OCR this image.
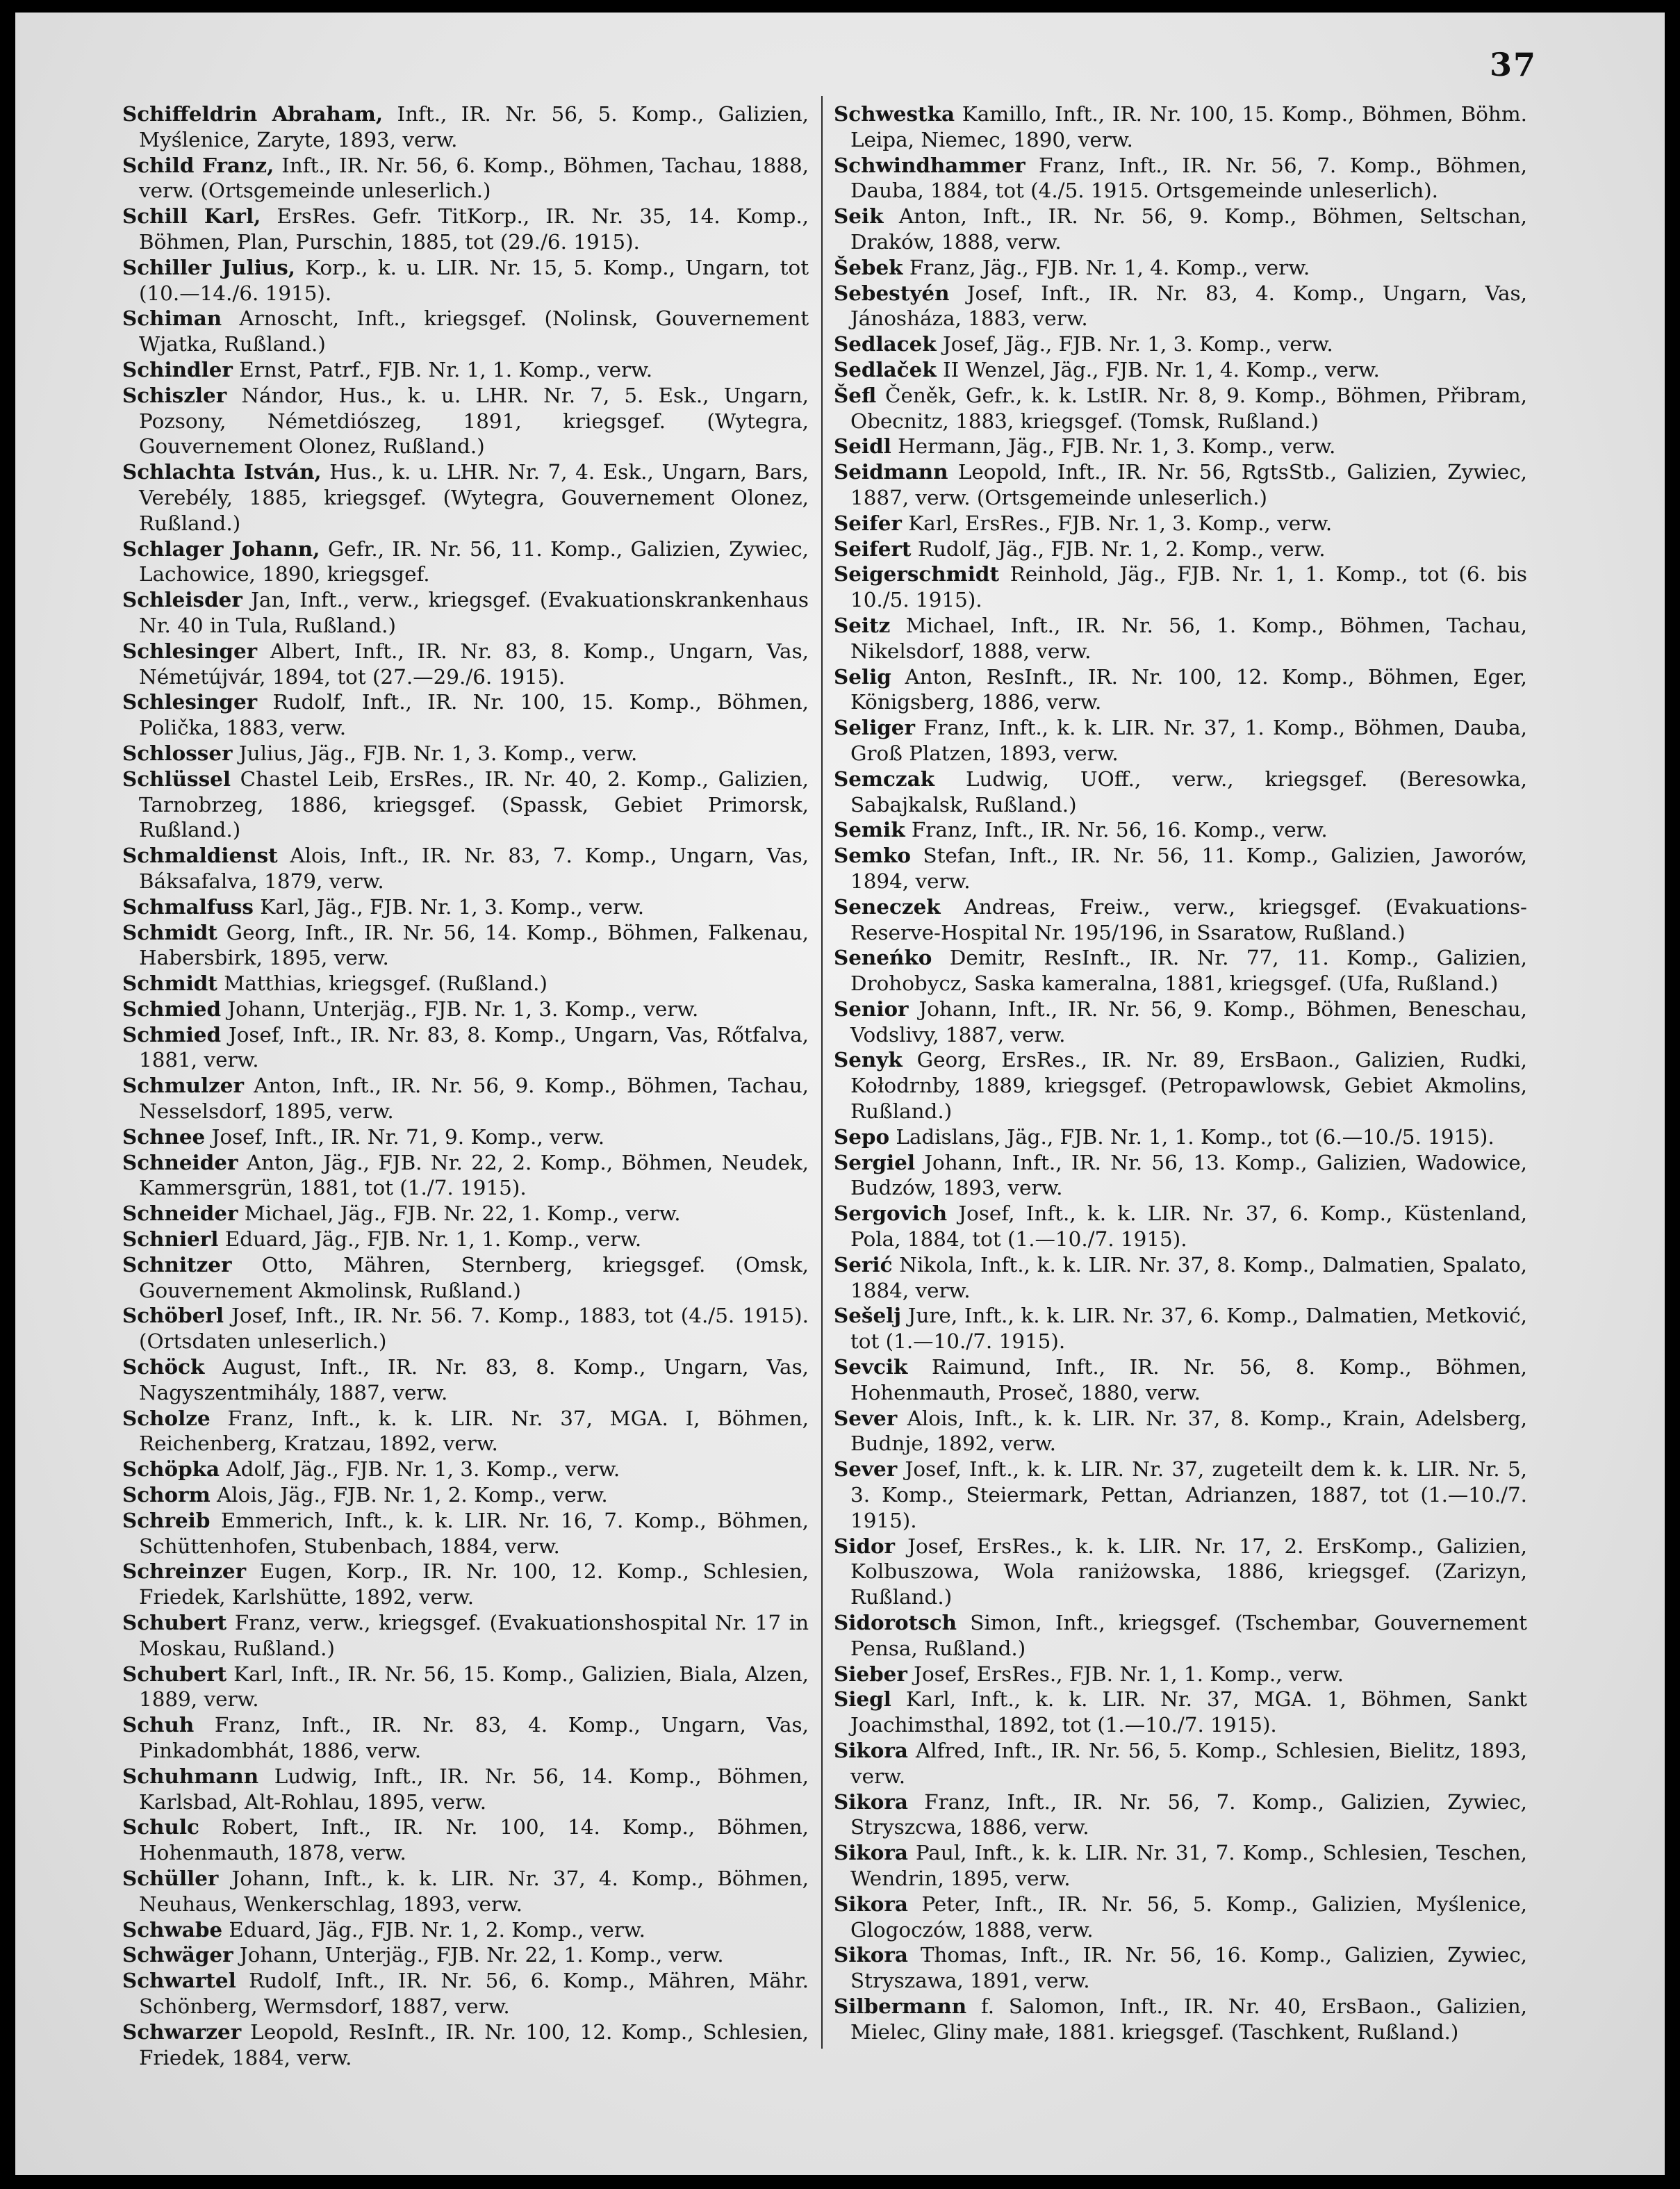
37

Schiffeldrin Abraham, Inft., IR. Nr. 56, 5. Komp., Galizien, Myślenice, Zaryte, 1893, verw.

Schild Franz, Inft., IR. Nr. 56, 6. Komp., Böhmen, Tachau, 1888, verw. (Ortsgemeinde unleserlich.)

Schill Karl, ErsRes. Gefr. TitKorp., IR. Nr. 35, 14. Komp., Böhmen, Plan, Purschin, 1885, tot (29./6. 1915).

Schiller Julius, Korp., k. u. LIR. Nr. 15, 5. Komp., Ungarn, tot (10.—14./6. 1915).

Schiman Arnoscht, Inft., kriegsgef. (Nolinsk, Gouvernement Wjatka, Rußland.)

Schindler Ernst, Patrf., FJB. Nr. 1, 1. Komp., verw.

Schiszler Nándor, Hus., k. u. LHR. Nr. 7, 5. Esk., Ungarn, Pozsony, Németdiószeg, 1891, kriegsgef. (Wytegra, Gouvernement Olonez, Rußland.)

Schlachta István, Hus., k. u. LHR. Nr. 7, 4. Esk., Ungarn, Bars, Verebély, 1885, kriegsgef. (Wytegra, Gouvernement Olonez, Rußland.)

Schlager Johann, Gefr., IR. Nr. 56, 11. Komp., Galizien, Zywiec, Lachowice, 1890, kriegsgef.

Schleisder Jan, Inft., verw., kriegsgef. (Evakuationskrankenhaus Nr. 40 in Tula, Rußland.)

Schlesinger Albert, Inft., IR. Nr. 83, 8. Komp., Ungarn, Vas, Németújvár, 1894, tot (27.—29./6. 1915).

Schlesinger Rudolf, Inft., IR. Nr. 100, 15. Komp., Böhmen, Polička, 1883, verw.

Schlosser Julius, Jäg., FJB. Nr. 1, 3. Komp., verw.

Schlüssel Chastel Leib, ErsRes., IR. Nr. 40, 2. Komp., Galizien, Tarnobrzeg, 1886, kriegsgef. (Spassk, Gebiet Primorsk, Rußland.)

Schmaldienst Alois, Inft., IR. Nr. 83, 7. Komp., Ungarn, Vas, Báksafalva, 1879, verw.

Schmalfuss Karl, Jäg., FJB. Nr. 1, 3. Komp., verw.

Schmidt Georg, Inft., IR. Nr. 56, 14. Komp., Böhmen, Falkenau, Habersbirk, 1895, verw.

Schmidt Matthias, kriegsgef. (Rußland.)

Schmied Johann, Unterjäg., FJB. Nr. 1, 3. Komp., verw.

Schmied Josef, Inft., IR. Nr. 83, 8. Komp., Ungarn, Vas, Rőtfalva, 1881, verw.

Schmulzer Anton, Inft., IR. Nr. 56, 9. Komp., Böhmen, Tachau, Nesselsdorf, 1895, verw.

Schnee Josef, Inft., IR. Nr. 71, 9. Komp., verw.

Schneider Anton, Jäg., FJB. Nr. 22, 2. Komp., Böhmen, Neudek, Kammersgrün, 1881, tot (1./7. 1915).

Schneider Michael, Jäg., FJB. Nr. 22, 1. Komp., verw.

Schnierl Eduard, Jäg., FJB. Nr. 1, 1. Komp., verw.

Schnitzer Otto, Mähren, Sternberg, kriegsgef. (Omsk, Gouvernement Akmolinsk, Rußland.)

Schöberl Josef, Inft., IR. Nr. 56. 7. Komp., 1883, tot (4./5. 1915). (Ortsdaten unleserlich.)

Schöck August, Inft., IR. Nr. 83, 8. Komp., Ungarn, Vas, Nagyszentmihály, 1887, verw.

Scholze Franz, Inft., k. k. LIR. Nr. 37, MGA. I, Böhmen, Reichenberg, Kratzau, 1892, verw.

Schöpka Adolf, Jäg., FJB. Nr. 1, 3. Komp., verw.

Schorm Alois, Jäg., FJB. Nr. 1, 2. Komp., verw.

Schreib Emmerich, Inft., k. k. LIR. Nr. 16, 7. Komp., Böhmen, Schüttenhofen, Stubenbach, 1884, verw.

Schreinzer Eugen, Korp., IR. Nr. 100, 12. Komp., Schlesien, Friedek, Karlshütte, 1892, verw.

Schubert Franz, verw., kriegsgef. (Evakuationshospital Nr. 17 in Moskau, Rußland.)

Schubert Karl, Inft., IR. Nr. 56, 15. Komp., Galizien, Biala, Alzen, 1889, verw.

Schuh Franz, Inft., IR. Nr. 83, 4. Komp., Ungarn, Vas, Pinkadombhát, 1886, verw.

Schuhmann Ludwig, Inft., IR. Nr. 56, 14. Komp., Böhmen, Karlsbad, Alt-Rohlau, 1895, verw.

Schulc Robert, Inft., IR. Nr. 100, 14. Komp., Böhmen, Hohenmauth, 1878, verw.

Schüller Johann, Inft., k. k. LIR. Nr. 37, 4. Komp., Böhmen, Neuhaus, Wenkerschlag, 1893, verw.

Schwabe Eduard, Jäg., FJB. Nr. 1, 2. Komp., verw.

Schwäger Johann, Unterjäg., FJB. Nr. 22, 1. Komp., verw.

Schwartel Rudolf, Inft., IR. Nr. 56, 6. Komp., Mähren, Mähr. Schönberg, Wermsdorf, 1887, verw.

Schwarzer Leopold, ResInft., IR. Nr. 100, 12. Komp., Schlesien, Friedek, 1884, verw.

Schwestka Kamillo, Inft., IR. Nr. 100, 15. Komp., Böhmen, Böhm. Leipa, Niemec, 1890, verw.

Schwindhammer Franz, Inft., IR. Nr. 56, 7. Komp., Böhmen, Dauba, 1884, tot (4./5. 1915. Ortsgemeinde unleserlich).

Seik Anton, Inft., IR. Nr. 56, 9. Komp., Böhmen, Seltschan, Draków, 1888, verw.

Šebek Franz, Jäg., FJB. Nr. 1, 4. Komp., verw.

Sebestyén Josef, Inft., IR. Nr. 83, 4. Komp., Ungarn, Vas, Jánosháza, 1883, verw.

Sedlacek Josef, Jäg., FJB. Nr. 1, 3. Komp., verw.

Sedlaček II Wenzel, Jäg., FJB. Nr. 1, 4. Komp., verw.

Šefl Čeněk, Gefr., k. k. LstIR. Nr. 8, 9. Komp., Böhmen, Přibram, Obecnitz, 1883, kriegsgef. (Tomsk, Rußland.)

Seidl Hermann, Jäg., FJB. Nr. 1, 3. Komp., verw.

Seidmann Leopold, Inft., IR. Nr. 56, RgtsStb., Galizien, Zywiec, 1887, verw. (Ortsgemeinde unleserlich.)

Seifer Karl, ErsRes., FJB. Nr. 1, 3. Komp., verw.

Seifert Rudolf, Jäg., FJB. Nr. 1, 2. Komp., verw.

Seigerschmidt Reinhold, Jäg., FJB. Nr. 1, 1. Komp., tot (6. bis 10./5. 1915).

Seitz Michael, Inft., IR. Nr. 56, 1. Komp., Böhmen, Tachau, Nikelsdorf, 1888, verw.

Selig Anton, ResInft., IR. Nr. 100, 12. Komp., Böhmen, Eger, Königsberg, 1886, verw.

Seliger Franz, Inft., k. k. LIR. Nr. 37, 1. Komp., Böhmen, Dauba, Groß Platzen, 1893, verw.

Semczak Ludwig, UOff., verw., kriegsgef. (Beresowka, Sabajkalsk, Rußland.)

Semik Franz, Inft., IR. Nr. 56, 16. Komp., verw.

Semko Stefan, Inft., IR. Nr. 56, 11. Komp., Galizien, Jaworów, 1894, verw.

Seneczek Andreas, Freiw., verw., kriegsgef. (Evakuations-Reserve-Hospital Nr. 195/196, in Ssaratow, Rußland.)

Seneńko Demitr, ResInft., IR. Nr. 77, 11. Komp., Galizien, Drohobycz, Saska kameralna, 1881, kriegsgef. (Ufa, Rußland.)

Senior Johann, Inft., IR. Nr. 56, 9. Komp., Böhmen, Beneschau, Vodslivy, 1887, verw.

Senyk Georg, ErsRes., IR. Nr. 89, ErsBaon., Galizien, Rudki, Kołodrnby, 1889, kriegsgef. (Petropawlowsk, Gebiet Akmolins, Rußland.)

Sepo Ladislans, Jäg., FJB. Nr. 1, 1. Komp., tot (6.—10./5. 1915).

Sergiel Johann, Inft., IR. Nr. 56, 13. Komp., Galizien, Wadowice, Budzów, 1893, verw.

Sergovich Josef, Inft., k. k. LIR. Nr. 37, 6. Komp., Küstenland, Pola, 1884, tot (1.—10./7. 1915).

Serić Nikola, Inft., k. k. LIR. Nr. 37, 8. Komp., Dalmatien, Spalato, 1884, verw.

Sešelj Jure, Inft., k. k. LIR. Nr. 37, 6. Komp., Dalmatien, Metković, tot (1.—10./7. 1915).

Sevcik Raimund, Inft., IR. Nr. 56, 8. Komp., Böhmen, Hohenmauth, Proseč, 1880, verw.

Sever Alois, Inft., k. k. LIR. Nr. 37, 8. Komp., Krain, Adelsberg, Budnje, 1892, verw.

Sever Josef, Inft., k. k. LIR. Nr. 37, zugeteilt dem k. k. LIR. Nr. 5, 3. Komp., Steiermark, Pettan, Adrianzen, 1887, tot (1.—10./7. 1915).

Sidor Josef, ErsRes., k. k. LIR. Nr. 17, 2. ErsKomp., Galizien, Kolbuszowa, Wola raniżowska, 1886, kriegsgef. (Zarizyn, Rußland.)

Sidorotsch Simon, Inft., kriegsgef. (Tschembar, Gouvernement Pensa, Rußland.)

Sieber Josef, ErsRes., FJB. Nr. 1, 1. Komp., verw.

Siegl Karl, Inft., k. k. LIR. Nr. 37, MGA. 1, Böhmen, Sankt Joachimsthal, 1892, tot (1.—10./7. 1915).

Sikora Alfred, Inft., IR. Nr. 56, 5. Komp., Schlesien, Bielitz, 1893, verw.

Sikora Franz, Inft., IR. Nr. 56, 7. Komp., Galizien, Zywiec, Stryszcwa, 1886, verw.

Sikora Paul, Inft., k. k. LIR. Nr. 31, 7. Komp., Schlesien, Teschen, Wendrin, 1895, verw.

Sikora Peter, Inft., IR. Nr. 56, 5. Komp., Galizien, Myślenice, Glogoczów, 1888, verw.

Sikora Thomas, Inft., IR. Nr. 56, 16. Komp., Galizien, Zywiec, Stryszawa, 1891, verw.

Silbermann f. Salomon, Inft., IR. Nr. 40, ErsBaon., Galizien, Mielec, Gliny małe, 1881. kriegsgef. (Taschkent, Rußland.)
